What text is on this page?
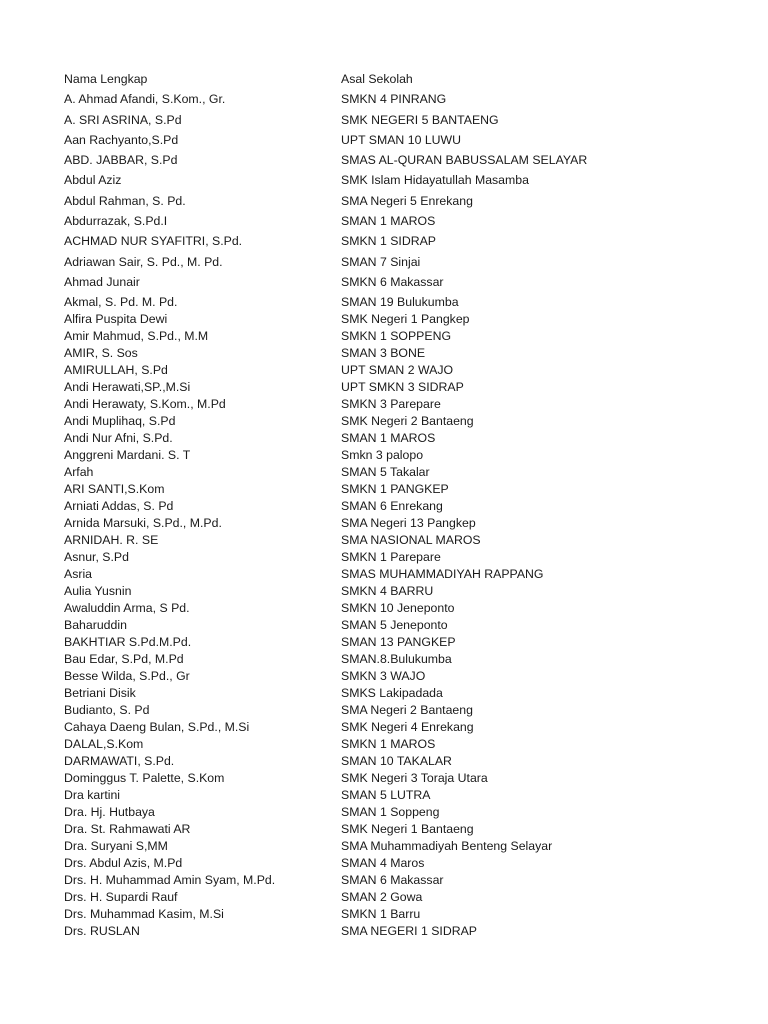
Nama Lengkap	Asal Sekolah
A. Ahmad Afandi, S.Kom., Gr.	SMKN 4 PINRANG
A. SRI ASRINA, S.Pd	SMK NEGERI 5 BANTAENG
Aan Rachyanto,S.Pd	UPT SMAN 10 LUWU
ABD. JABBAR, S.Pd	SMAS AL-QURAN BABUSSALAM SELAYAR
Abdul Aziz	SMK Islam Hidayatullah Masamba
Abdul Rahman, S. Pd.	SMA Negeri 5 Enrekang
Abdurrazak, S.Pd.I	SMAN 1 MAROS
ACHMAD NUR SYAFITRI, S.Pd.	SMKN 1 SIDRAP
Adriawan Sair, S. Pd., M. Pd.	SMAN 7 Sinjai
Ahmad Junair	SMKN 6 Makassar
Akmal, S. Pd. M. Pd.	SMAN 19 Bulukumba
Alfira Puspita Dewi	SMK Negeri 1 Pangkep
Amir Mahmud, S.Pd., M.M	SMKN 1 SOPPENG
AMIR, S. Sos	SMAN 3 BONE
AMIRULLAH, S.Pd	UPT SMAN 2 WAJO
Andi Herawati,SP.,M.Si	UPT SMKN 3 SIDRAP
Andi Herawaty, S.Kom., M.Pd	SMKN 3 Parepare
Andi Muplihaq, S.Pd	SMK Negeri 2 Bantaeng
Andi Nur Afni, S.Pd.	SMAN 1 MAROS
Anggreni Mardani. S. T	Smkn 3 palopo
Arfah	SMAN 5 Takalar
ARI SANTI,S.Kom	SMKN 1 PANGKEP
Arniati Addas, S. Pd	SMAN 6 Enrekang
Arnida Marsuki, S.Pd., M.Pd.	SMA Negeri 13 Pangkep
ARNIDAH. R. SE	SMA NASIONAL MAROS
Asnur, S.Pd	SMKN 1 Parepare
Asria	SMAS MUHAMMADIYAH RAPPANG
Aulia Yusnin	SMKN 4 BARRU
Awaluddin Arma, S Pd.	SMKN 10 Jeneponto
Baharuddin	SMAN 5 Jeneponto
BAKHTIAR S.Pd.M.Pd.	SMAN 13 PANGKEP
Bau Edar, S.Pd, M.Pd	SMAN.8.Bulukumba
Besse Wilda, S.Pd., Gr	SMKN 3 WAJO
Betriani Disik	SMKS Lakipadada
Budianto, S. Pd	SMA Negeri 2 Bantaeng
Cahaya Daeng Bulan, S.Pd., M.Si	SMK Negeri 4 Enrekang
DALAL,S.Kom	SMKN 1 MAROS
DARMAWATI, S.Pd.	SMAN 10 TAKALAR
Dominggus T. Palette, S.Kom	SMK Negeri 3 Toraja Utara
Dra kartini	SMAN 5 LUTRA
Dra. Hj. Hutbaya	SMAN 1 Soppeng
Dra. St. Rahmawati AR	SMK Negeri 1 Bantaeng
Dra. Suryani S,MM	SMA Muhammadiyah Benteng Selayar
Drs. Abdul Azis, M.Pd	SMAN 4 Maros
Drs. H. Muhammad Amin Syam, M.Pd.	SMAN 6 Makassar
Drs. H. Supardi Rauf	SMAN 2 Gowa
Drs. Muhammad Kasim, M.Si	SMKN 1 Barru
Drs. RUSLAN	SMA NEGERI 1 SIDRAP
